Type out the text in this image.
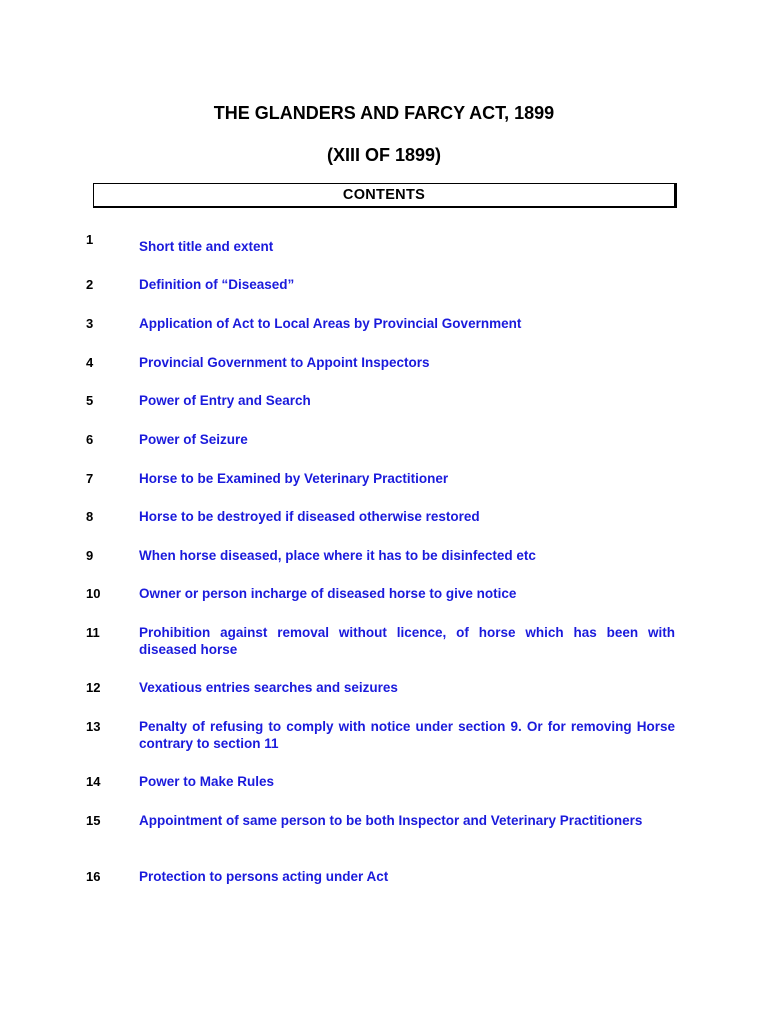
THE GLANDERS AND FARCY ACT, 1899
(XIII OF 1899)
CONTENTS
1	Short title and extent
2	Definition of “Diseased”
3	Application of Act to Local Areas by Provincial Government
4	Provincial Government to Appoint Inspectors
5	Power of Entry and Search
6	Power of Seizure
7	Horse to be Examined by Veterinary Practitioner
8	Horse to be destroyed if diseased otherwise restored
9	When horse diseased, place where it has to be disinfected etc
10	Owner or person incharge of diseased horse to give notice
11	Prohibition against removal without licence, of horse which has been with diseased horse
12	Vexatious entries searches and seizures
13	Penalty of refusing to comply with notice under section 9. Or for removing Horse contrary to section 11
14	Power to Make Rules
15	Appointment of same person to be both Inspector and Veterinary Practitioners
16	Protection to persons acting under Act
